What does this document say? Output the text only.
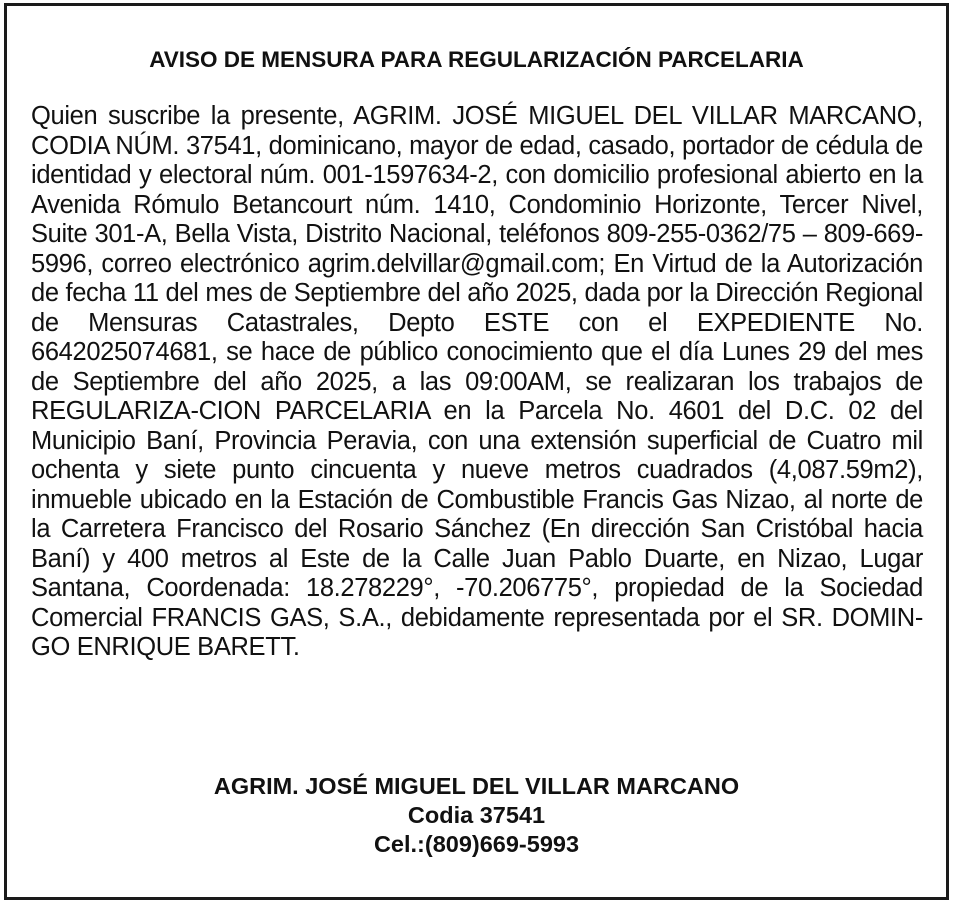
AVISO DE MENSURA PARA REGULARIZACIÓN PARCELARIA

Quien suscribe la presente, AGRIM. JOSÉ MIGUEL DEL VILLAR MARCANO, CODIA NÚM. 37541, dominicano, mayor de edad, casado, portador de cédula de identidad y electoral núm. 001-1597634-2, con domicilio profesional abierto en la Avenida Rómulo Betancourt núm. 1410, Condominio Horizonte, Tercer Nivel, Suite 301-A, Bella Vista, Distrito Nacional, teléfonos 809-255-0362/75 – 809-669-5996, correo electrónico agrim.delvillar@gmail.com; En Virtud de la Autorización de fecha 11 del mes de Septiembre del año 2025, dada por la Dirección Regional de Mensuras Catastrales, Depto ESTE con el EXPEDIENTE No. 6642025074681, se hace de público conocimiento que el día Lunes 29 del mes de Septiembre del año 2025, a las 09:00AM, se realizaran los trabajos de REGULARIZA-CION PARCELARIA en la Parcela No. 4601 del D.C. 02 del Municipio Baní, Provincia Peravia, con una extensión superficial de Cuatro mil ochenta y siete punto cincuenta y nueve metros cuadrados (4,087.59m2), inmueble ubicado en la Estación de Combustible Francis Gas Nizao, al norte de la Carretera Francisco del Rosario Sánchez (En dirección San Cristóbal hacia Baní) y 400 metros al Este de la Calle Juan Pablo Duarte, en Nizao, Lugar Santana, Coordenada: 18.278229°, -70.206775°, propiedad de la Sociedad Comercial FRANCIS GAS, S.A., debidamente representada por el SR. DOMIN-GO ENRIQUE BARETT.

AGRIM. JOSÉ MIGUEL DEL VILLAR MARCANO
Codia 37541
Cel.:(809)669-5993
